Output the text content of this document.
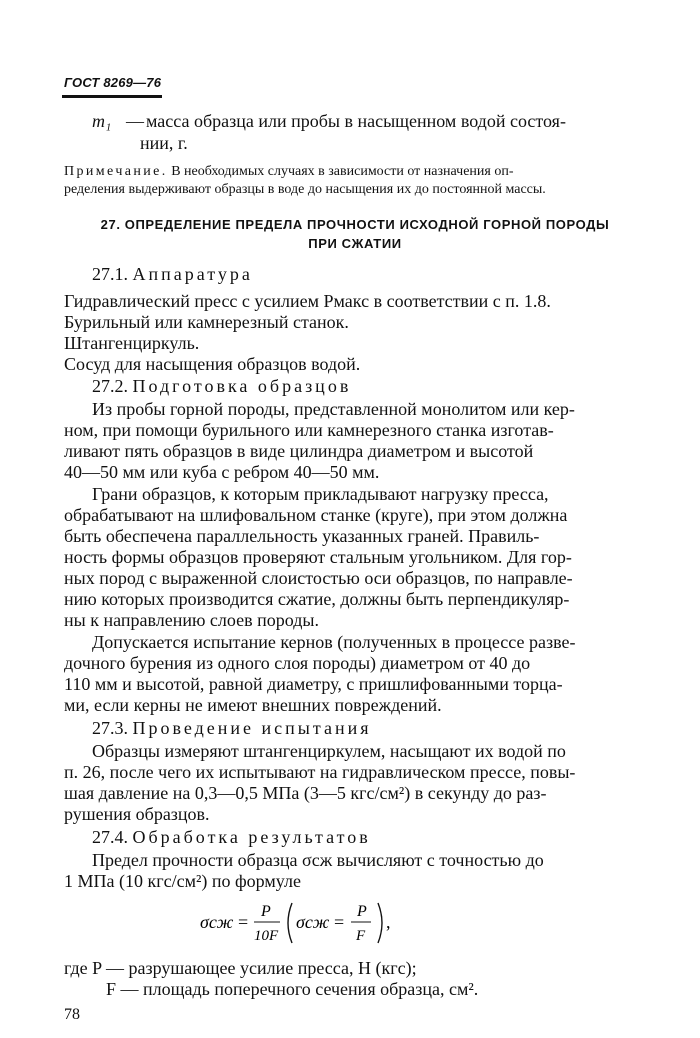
ГОСТ 8269—76

m₁ — масса образца или пробы в насыщенном водой состоя-

нии, г.

Примечание. В необходимых случаях в зависимости от назначения оп-

ределения выдерживают образцы в воде до насыщения их до постоянной массы.

27. ОПРЕДЕЛЕНИЕ ПРЕДЕЛА ПРОЧНОСТИ ИСХОДНОЙ ГОРНОЙ ПОРОДЫ

ПРИ СЖАТИИ

27.1. Аппаратура

Гидравлический пресс с усилием Pмакс в соответствии с п. 1.8.

Бурильный или камнерезный станок.

Штангенциркуль.

Сосуд для насыщения образцов водой.

27.2. Подготовка образцов

Из пробы горной породы, представленной монолитом или кер-

ном, при помощи бурильного или камнерезного станка изготав-

ливают пять образцов в виде цилиндра диаметром и высотой

40—50 мм или куба с ребром 40—50 мм.

Грани образцов, к которым прикладывают нагрузку пресса,

обрабатывают на шлифовальном станке (круге), при этом должна

быть обеспечена параллельность указанных граней. Правиль-

ность формы образцов проверяют стальным угольником. Для гор-

ных пород с выраженной слоистостью оси образцов, по направле-

нию которых производится сжатие, должны быть перпендикуляр-

ны к направлению слоев породы.

Допускается испытание кернов (полученных в процессе разве-

дочного бурения из одного слоя породы) диаметром от 40 до

110 мм и высотой, равной диаметру, с пришлифованными торца-

ми, если керны не имеют внешних повреждений.

27.3. Проведение испытания

Образцы измеряют штангенциркулем, насыщают их водой по

п. 26, после чего их испытывают на гидравлическом прессе, повы-

шая давление на 0,3—0,5 МПа (3—5 кгс/см²) в секунду до раз-

рушения образцов.

27.4. Обработка результатов

Предел прочности образца σсж вычисляют с точностью до

1 МПа (10 кгс/см²) по формуле

σсж =
P
10F
σсж =
P
F
,

где P — разрушающее усилие пресса, Н (кгс);

F — площадь поперечного сечения образца, см².

78
